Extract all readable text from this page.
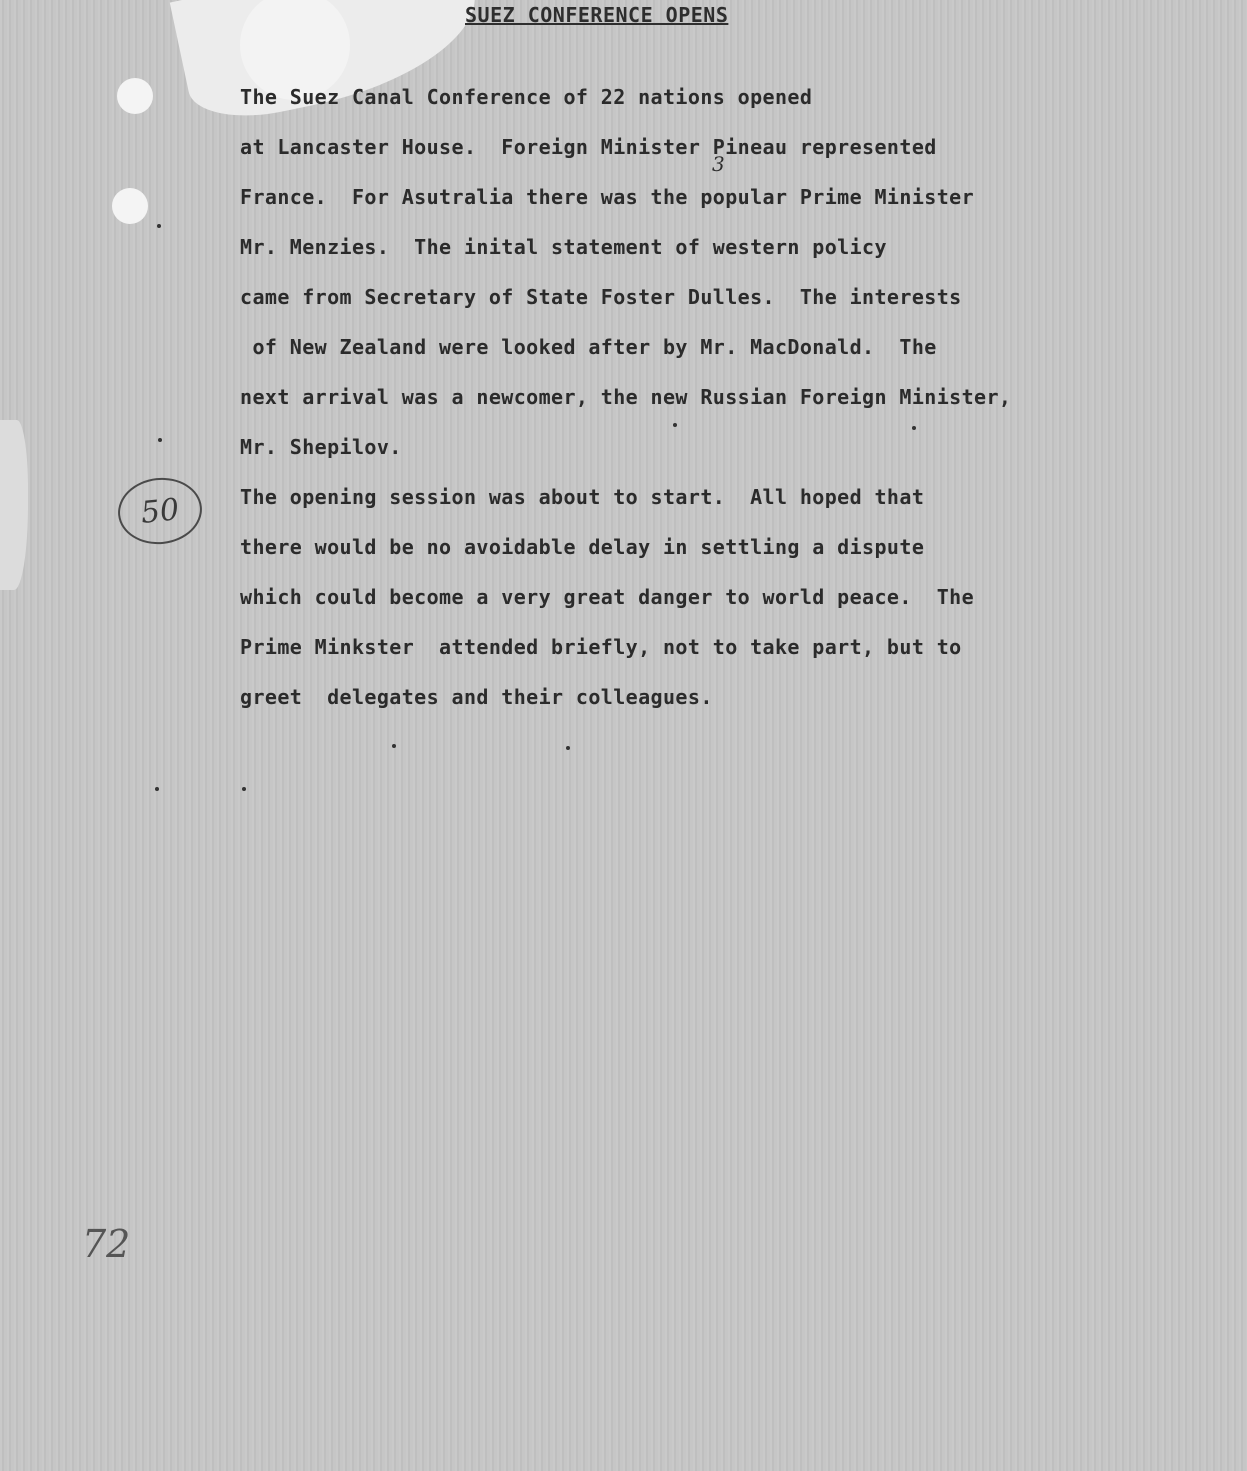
SUEZ CONFERENCE OPENS
3
The Suez Canal Conference of 22 nations opened
at Lancaster House.  Foreign Minister Pineau represented
France.  For Asutralia there was the popular Prime Minister
Mr. Menzies.  The inital statement of western policy
came from Secretary of State Foster Dulles.  The interests
of New Zealand were looked after by Mr. MacDonald.  The
next arrival was a newcomer, the new Russian Foreign Minister,
Mr. Shepilov.
The opening session was about to start.  All hoped that
there would be no avoidable delay in settling a dispute
which could become a very great danger to world peace.  The
Prime Minkster  attended briefly, not to take part, but to
greet  delegates and their colleagues.
50
72
